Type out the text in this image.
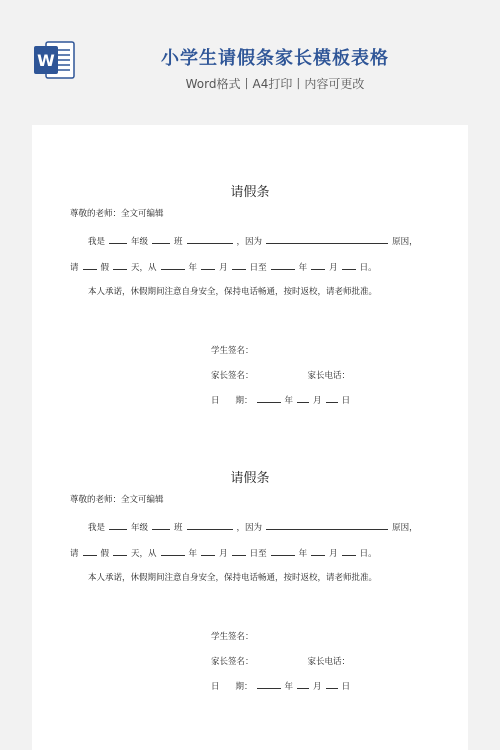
W	小学生请假条家长模板表格
Word格式丨A4打印丨内容可更改
请假条
尊敬的老师：全文可编辑
我是	年级	班	，因为	原因，
请	假	天，从	年	月	日至	年	月	日。
本人承诺，休假期间注意自身安全，保持电话畅通，按时返校，请老师批准。
学生签名：
家长签名：	家长电话：
日 期：	年 月 日
请假条
尊敬的老师：全文可编辑
我是	年级	班	，因为	原因，
请	假	天，从	年	月	日至	年	月	日。
本人承诺，休假期间注意自身安全，保持电话畅通，按时返校，请老师批准。
学生签名：
家长签名：	家长电话：
日 期：	年 月 日
